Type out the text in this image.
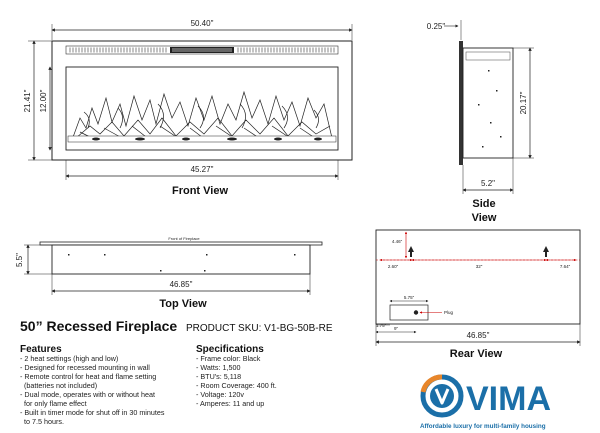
50.40"
21.41" 12.00"
45.27"
Front View
0.25"
20.17"
5.2"
Side
View
Front of Fireplace
5.5"
46.85"
Top View
2.60"	32"	7.64"
4.46"
5.75"
1.75"
9"
Plug
46.85"
Rear View
50” Recessed Fireplace PRODUCT SKU: V1-BG-50B-RE
Features
- 2 heat settings (high and low)
- Designed for recessed mounting in wall
- Remote control for heat and flame setting
(batteries not included)
- Dual mode, operates with or without heat
for only flame effect
- Built in timer mode for shut off in 30 minutes
to 7.5 hours.
Specifications
- Frame color: Black
- Watts: 1,500
- BTU's: 5,118
- Room Coverage: 400 ft.
- Voltage: 120v
- Amperes: 11 and up	VIMA
Affordable luxury for multi-family housing
